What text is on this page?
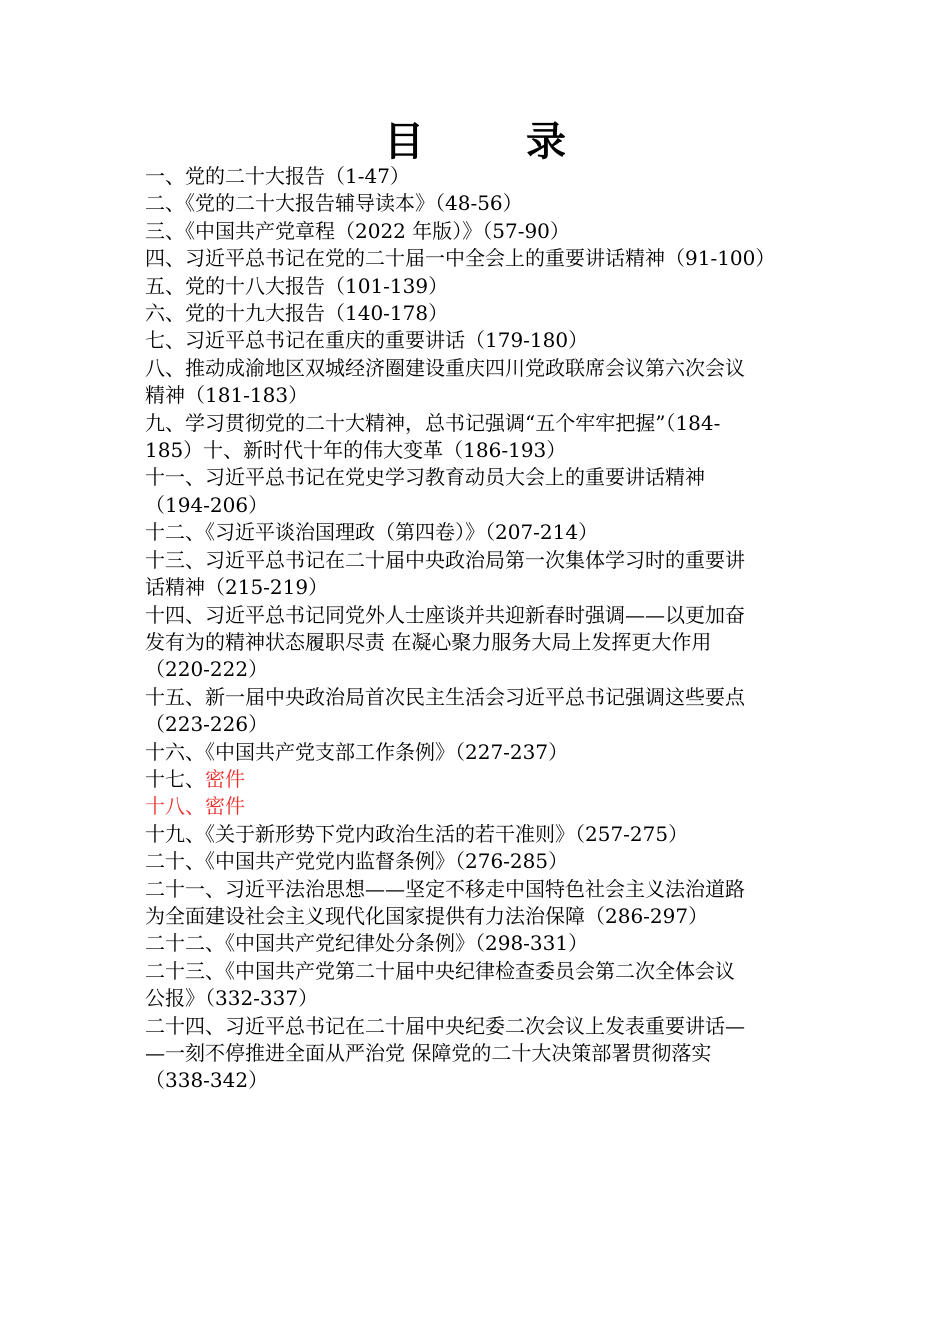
目 录
一、党的二十大报告（1-47）
二、《党的二十大报告辅导读本》（48-56）
三、《中国共产党章程（2022 年版）》（57-90）
四、习近平总书记在党的二十届一中全会上的重要讲话精神（91-100）
五、党的十八大报告（101-139）
六、党的十九大报告（140-178）
七、习近平总书记在重庆的重要讲话（179-180）
八、推动成渝地区双城经济圈建设重庆四川党政联席会议第六次会议
精神（181-183）
九、学习贯彻党的二十大精神，总书记强调“五个牢牢把握”（184-
185）十、新时代十年的伟大变革（186-193）
十一、习近平总书记在党史学习教育动员大会上的重要讲话精神
（194-206）
十二、《习近平谈治国理政（第四卷）》（207-214）
十三、习近平总书记在二十届中央政治局第一次集体学习时的重要讲
话精神（215-219）
十四、习近平总书记同党外人士座谈并共迎新春时强调——以更加奋
发有为的精神状态履职尽责 在凝心聚力服务大局上发挥更大作用
（220-222）
十五、新一届中央政治局首次民主生活会习近平总书记强调这些要点
（223-226）
十六、《中国共产党支部工作条例》（227-237）
十七、密件
十八、密件
十九、《关于新形势下党内政治生活的若干准则》（257-275）
二十、《中国共产党党内监督条例》（276-285）
二十一、习近平法治思想——坚定不移走中国特色社会主义法治道路
为全面建设社会主义现代化国家提供有力法治保障（286-297）
二十二、《中国共产党纪律处分条例》（298-331）
二十三、《中国共产党第二十届中央纪律检查委员会第二次全体会议
公报》（332-337）
二十四、习近平总书记在二十届中央纪委二次会议上发表重要讲话—
—一刻不停推进全面从严治党 保障党的二十大决策部署贯彻落实
（338-342）
